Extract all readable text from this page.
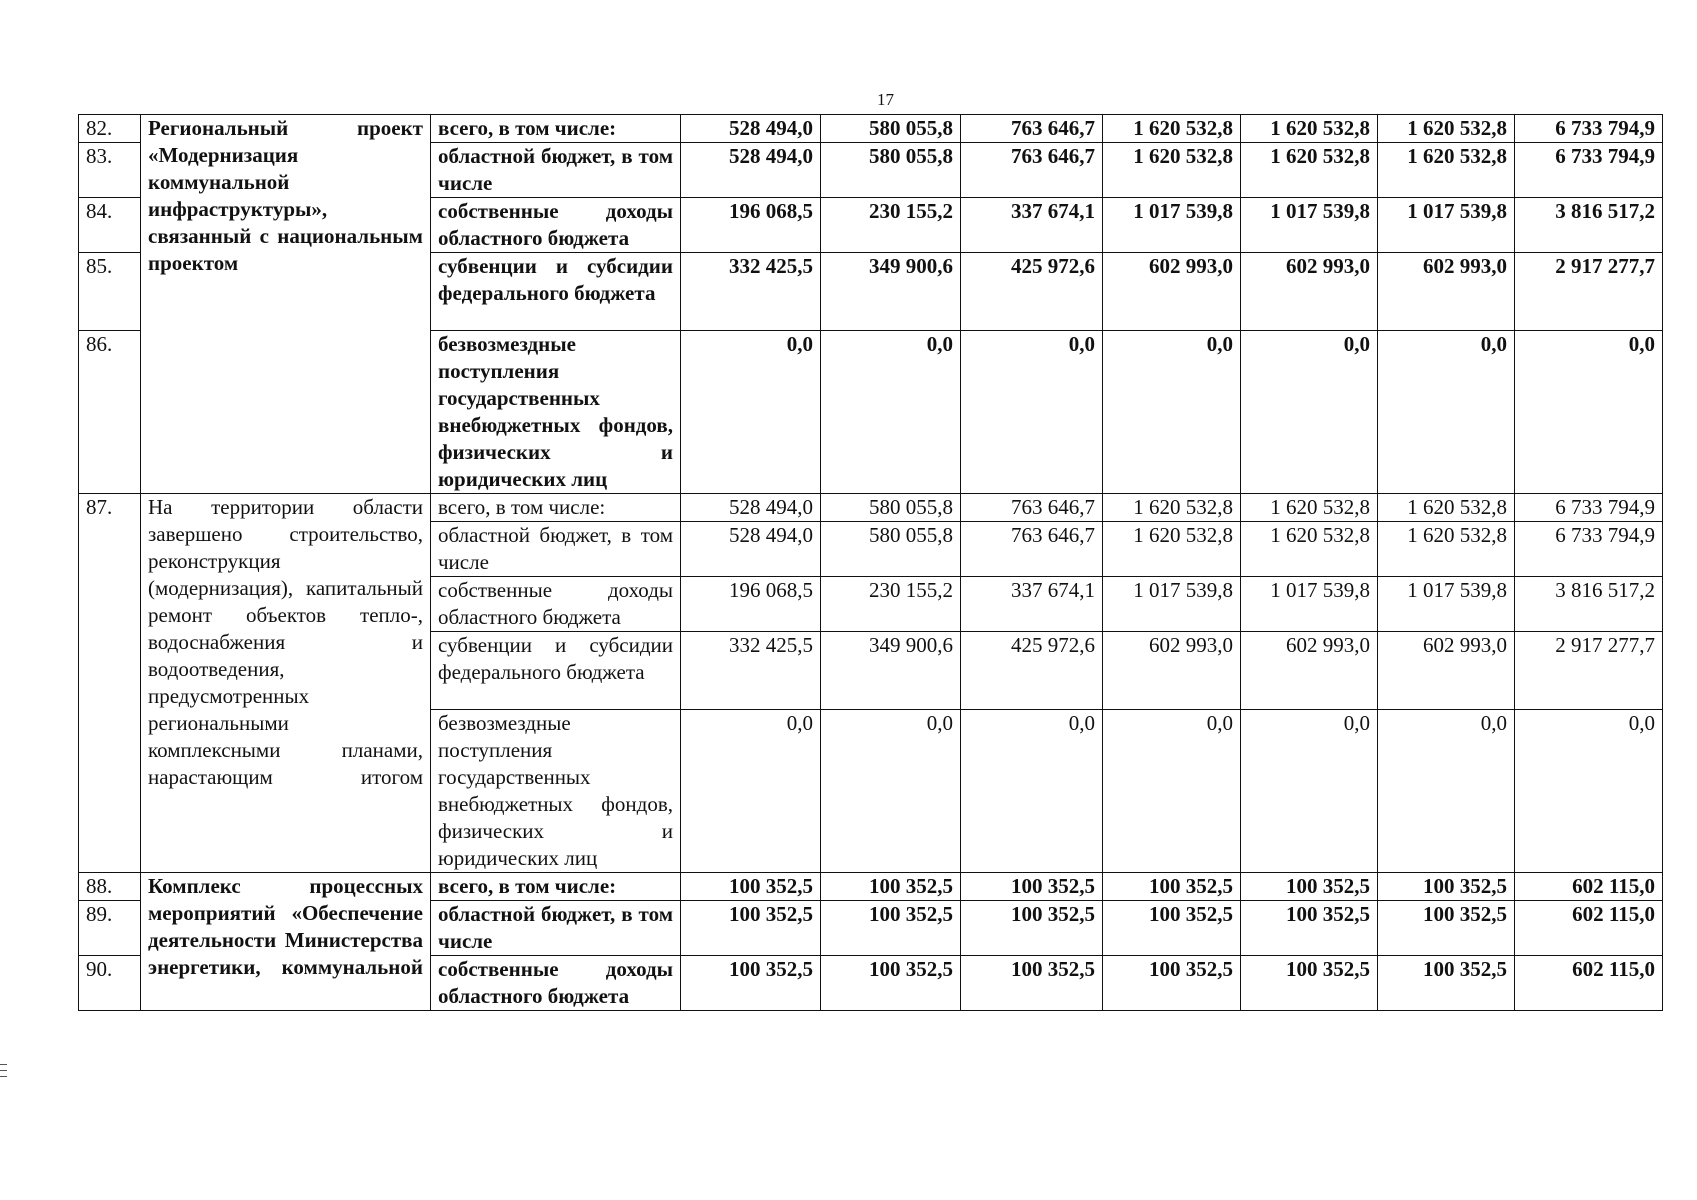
17
82.	Региональный проект «Модернизация коммунальной инфраструктуры», связанный с национальным проектом	всего, в том числе:	528 494,0	580 055,8	763 646,7	1 620 532,8	1 620 532,8	1 620 532,8	6 733 794,9
83.		областной бюджет, в том числе	528 494,0	580 055,8	763 646,7	1 620 532,8	1 620 532,8	1 620 532,8	6 733 794,9
84.		собственные доходы областного бюджета	196 068,5	230 155,2	337 674,1	1 017 539,8	1 017 539,8	1 017 539,8	3 816 517,2
85.		субвенции и субсидии федерального бюджета	332 425,5	349 900,6	425 972,6	602 993,0	602 993,0	602 993,0	2 917 277,7
86.		безвозмездные поступления государственных внебюджетных фондов, физических и юридических лиц	0,0	0,0	0,0	0,0	0,0	0,0	0,0
87.	На территории области завершено строительство, реконструкция (модернизация), капитальный ремонт объектов тепло-, водоснабжения и водоотведения, предусмотренных региональными комплексными планами, нарастающим итогом	всего, в том числе:	528 494,0	580 055,8	763 646,7	1 620 532,8	1 620 532,8	1 620 532,8	6 733 794,9
		областной бюджет, в том числе	528 494,0	580 055,8	763 646,7	1 620 532,8	1 620 532,8	1 620 532,8	6 733 794,9
		собственные доходы областного бюджета	196 068,5	230 155,2	337 674,1	1 017 539,8	1 017 539,8	1 017 539,8	3 816 517,2
		субвенции и субсидии федерального бюджета	332 425,5	349 900,6	425 972,6	602 993,0	602 993,0	602 993,0	2 917 277,7
		безвозмездные поступления государственных внебюджетных фондов, физических и юридических лиц	0,0	0,0	0,0	0,0	0,0	0,0	0,0
88.	Комплекс процессных мероприятий «Обеспечение деятельности Министерства энергетики, коммунальной	всего, в том числе:	100 352,5	100 352,5	100 352,5	100 352,5	100 352,5	100 352,5	602 115,0
89.		областной бюджет, в том числе	100 352,5	100 352,5	100 352,5	100 352,5	100 352,5	100 352,5	602 115,0
90.		собственные доходы областного бюджета	100 352,5	100 352,5	100 352,5	100 352,5	100 352,5	100 352,5	602 115,0
